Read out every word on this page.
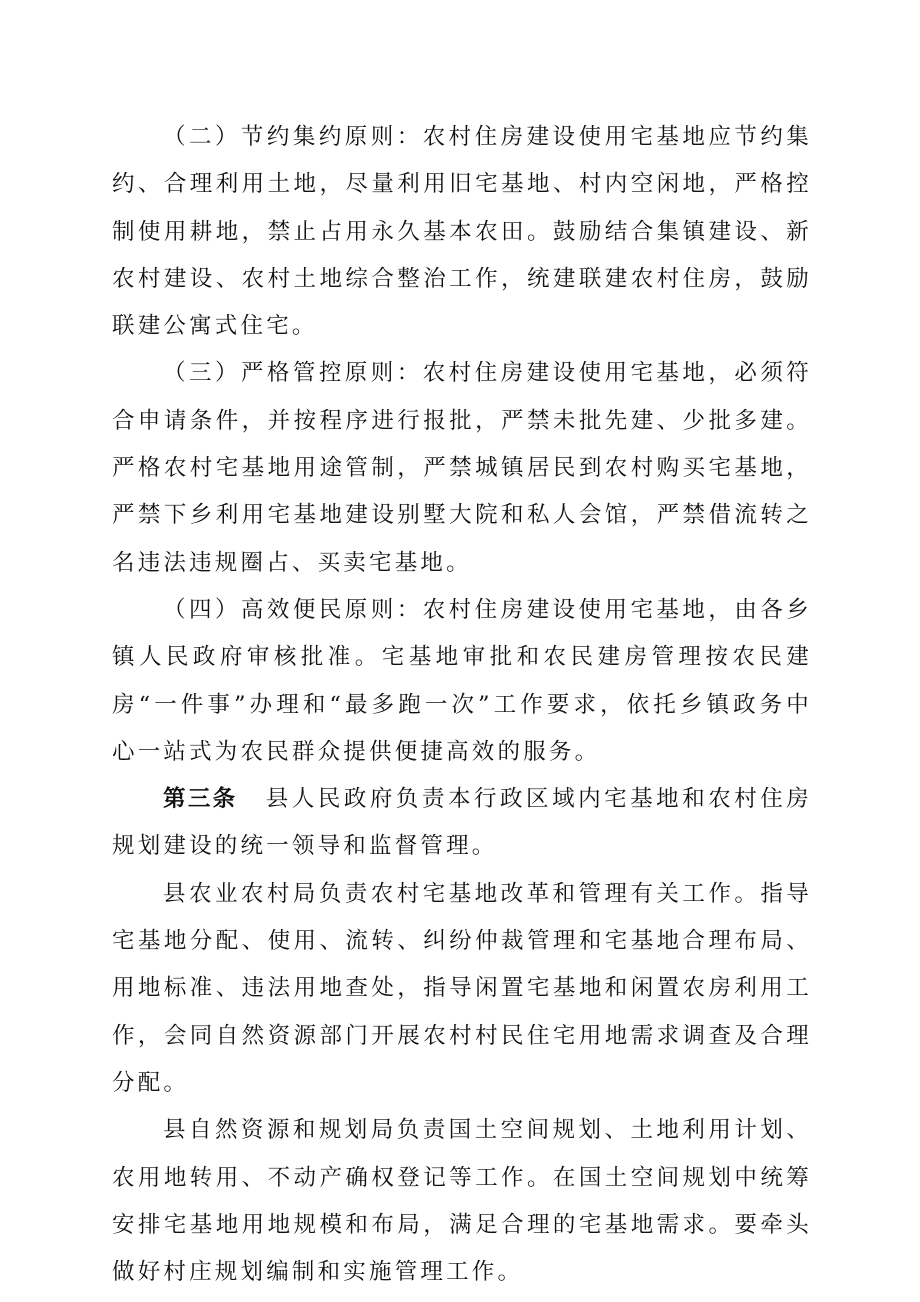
（二）节约集约原则：农村住房建设使用宅基地应节约集约、合理利用土地，尽量利用旧宅基地、村内空闲地，严格控制使用耕地，禁止占用永久基本农田。鼓励结合集镇建设、新农村建设、农村土地综合整治工作，统建联建农村住房，鼓励联建公寓式住宅。

（三）严格管控原则：农村住房建设使用宅基地，必须符合申请条件，并按程序进行报批，严禁未批先建、少批多建。严格农村宅基地用途管制，严禁城镇居民到农村购买宅基地，严禁下乡利用宅基地建设别墅大院和私人会馆，严禁借流转之名违法违规圈占、买卖宅基地。

（四）高效便民原则：农村住房建设使用宅基地，由各乡镇人民政府审核批准。宅基地审批和农民建房管理按农民建房“一件事”办理和“最多跑一次”工作要求，依托乡镇政务中心一站式为农民群众提供便捷高效的服务。

第三条 县人民政府负责本行政区域内宅基地和农村住房规划建设的统一领导和监督管理。

县农业农村局负责农村宅基地改革和管理有关工作。指导宅基地分配、使用、流转、纠纷仲裁管理和宅基地合理布局、用地标准、违法用地查处，指导闲置宅基地和闲置农房利用工作，会同自然资源部门开展农村村民住宅用地需求调查及合理分配。

县自然资源和规划局负责国土空间规划、土地利用计划、农用地转用、不动产确权登记等工作。在国土空间规划中统筹安排宅基地用地规模和布局，满足合理的宅基地需求。要牵头做好村庄规划编制和实施管理工作。
